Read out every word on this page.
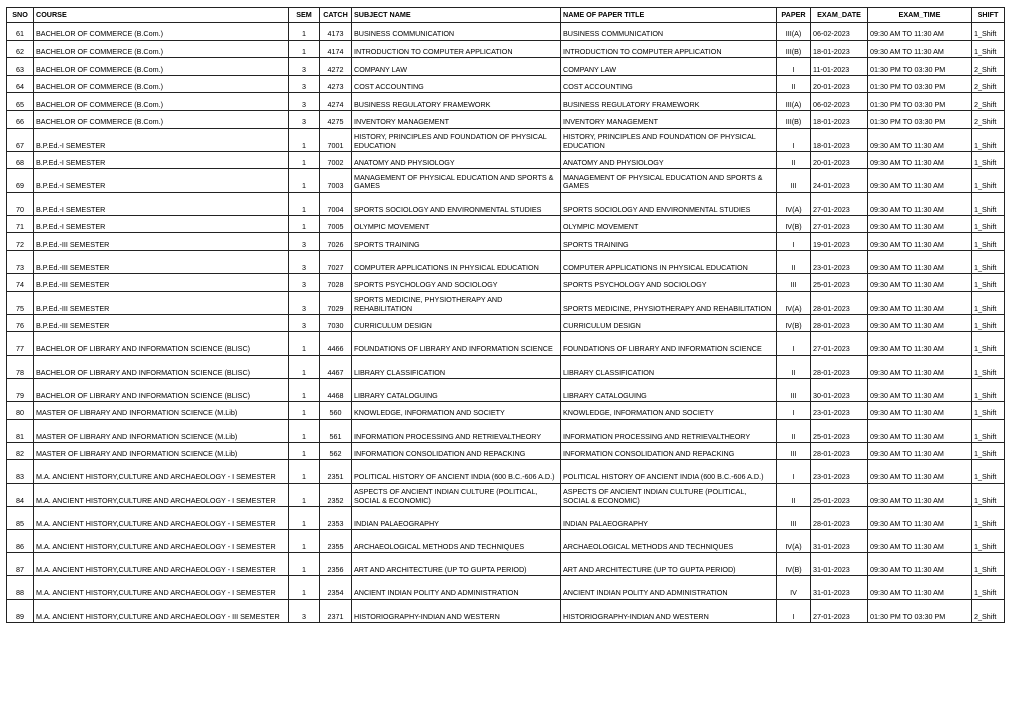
SNO	COURSE	SEM	CATCH	SUBJECT NAME	NAME OF PAPER TITLE	PAPER	EXAM_DATE	EXAM_TIME	SHIFT
61	BACHELOR OF COMMERCE (B.Com.)	1	4173	BUSINESS COMMUNICATION	BUSINESS COMMUNICATION	III(A)	06-02-2023	09:30 AM TO 11:30 AM	1_Shift
62	BACHELOR OF COMMERCE (B.Com.)	1	4174	INTRODUCTION TO COMPUTER APPLICATION	INTRODUCTION TO COMPUTER APPLICATION	III(B)	18-01-2023	09:30 AM TO 11:30 AM	1_Shift
63	BACHELOR OF COMMERCE (B.Com.)	3	4272	COMPANY LAW	COMPANY LAW	I	11-01-2023	01:30 PM TO 03:30 PM	2_Shift
64	BACHELOR OF COMMERCE (B.Com.)	3	4273	COST ACCOUNTING	COST ACCOUNTING	II	20-01-2023	01:30 PM TO 03:30 PM	2_Shift
65	BACHELOR OF COMMERCE (B.Com.)	3	4274	BUSINESS REGULATORY FRAMEWORK	BUSINESS REGULATORY FRAMEWORK	III(A)	06-02-2023	01:30 PM TO 03:30 PM	2_Shift
66	BACHELOR OF COMMERCE (B.Com.)	3	4275	INVENTORY MANAGEMENT	INVENTORY MANAGEMENT	III(B)	18-01-2023	01:30 PM TO 03:30 PM	2_Shift
67	B.P.Ed.-I SEMESTER	1	7001	HISTORY, PRINCIPLES AND FOUNDATION OF PHYSICAL EDUCATION	HISTORY, PRINCIPLES AND FOUNDATION OF PHYSICAL EDUCATION	I	18-01-2023	09:30 AM TO 11:30 AM	1_Shift
68	B.P.Ed.-I SEMESTER	1	7002	ANATOMY AND PHYSIOLOGY	ANATOMY AND PHYSIOLOGY	II	20-01-2023	09:30 AM TO 11:30 AM	1_Shift
69	B.P.Ed.-I SEMESTER	1	7003	MANAGEMENT OF PHYSICAL EDUCATION AND SPORTS & GAMES	MANAGEMENT OF PHYSICAL EDUCATION AND SPORTS & GAMES	III	24-01-2023	09:30 AM TO 11:30 AM	1_Shift
70	B.P.Ed.-I SEMESTER	1	7004	SPORTS SOCIOLOGY AND ENVIRONMENTAL STUDIES	SPORTS SOCIOLOGY AND ENVIRONMENTAL STUDIES	IV(A)	27-01-2023	09:30 AM TO 11:30 AM	1_Shift
71	B.P.Ed.-I SEMESTER	1	7005	OLYMPIC MOVEMENT	OLYMPIC MOVEMENT	IV(B)	27-01-2023	09:30 AM TO 11:30 AM	1_Shift
72	B.P.Ed.-III SEMESTER	3	7026	SPORTS TRAINING	SPORTS TRAINING	I	19-01-2023	09:30 AM TO 11:30 AM	1_Shift
73	B.P.Ed.-III SEMESTER	3	7027	COMPUTER APPLICATIONS IN PHYSICAL EDUCATION	COMPUTER APPLICATIONS IN PHYSICAL EDUCATION	II	23-01-2023	09:30 AM TO 11:30 AM	1_Shift
74	B.P.Ed.-III SEMESTER	3	7028	SPORTS PSYCHOLOGY AND SOCIOLOGY	SPORTS PSYCHOLOGY AND SOCIOLOGY	III	25-01-2023	09:30 AM TO 11:30 AM	1_Shift
75	B.P.Ed.-III SEMESTER	3	7029	SPORTS MEDICINE, PHYSIOTHERAPY AND REHABILITATION	SPORTS MEDICINE, PHYSIOTHERAPY AND REHABILITATION	IV(A)	28-01-2023	09:30 AM TO 11:30 AM	1_Shift
76	B.P.Ed.-III SEMESTER	3	7030	CURRICULUM DESIGN	CURRICULUM DESIGN	IV(B)	28-01-2023	09:30 AM TO 11:30 AM	1_Shift
77	BACHELOR OF LIBRARY AND INFORMATION SCIENCE (BLISC)	1	4466	FOUNDATIONS OF LIBRARY AND INFORMATION SCIENCE	FOUNDATIONS OF LIBRARY AND INFORMATION SCIENCE	I	27-01-2023	09:30 AM TO 11:30 AM	1_Shift
78	BACHELOR OF LIBRARY AND INFORMATION SCIENCE (BLISC)	1	4467	LIBRARY CLASSIFICATION	LIBRARY CLASSIFICATION	II	28-01-2023	09:30 AM TO 11:30 AM	1_Shift
79	BACHELOR OF LIBRARY AND INFORMATION SCIENCE (BLISC)	1	4468	LIBRARY CATALOGUING	LIBRARY CATALOGUING	III	30-01-2023	09:30 AM TO 11:30 AM	1_Shift
80	MASTER OF LIBRARY AND INFORMATION SCIENCE (M.Lib)	1	560	KNOWLEDGE, INFORMATION AND SOCIETY	KNOWLEDGE, INFORMATION AND SOCIETY	I	23-01-2023	09:30 AM TO 11:30 AM	1_Shift
81	MASTER OF LIBRARY AND INFORMATION SCIENCE (M.Lib)	1	561	INFORMATION PROCESSING AND RETRIEVALTHEORY	INFORMATION PROCESSING AND RETRIEVALTHEORY	II	25-01-2023	09:30 AM TO 11:30 AM	1_Shift
82	MASTER OF LIBRARY AND INFORMATION SCIENCE (M.Lib)	1	562	INFORMATION CONSOLIDATION AND REPACKING	INFORMATION CONSOLIDATION AND REPACKING	III	28-01-2023	09:30 AM TO 11:30 AM	1_Shift
83	M.A. ANCIENT HISTORY,CULTURE AND ARCHAEOLOGY - I SEMESTER	1	2351	POLITICAL HISTORY OF ANCIENT INDIA (600 B.C.-606 A.D.)	POLITICAL HISTORY OF ANCIENT INDIA (600 B.C.-606 A.D.)	I	23-01-2023	09:30 AM TO 11:30 AM	1_Shift
84	M.A. ANCIENT HISTORY,CULTURE AND ARCHAEOLOGY - I SEMESTER	1	2352	ASPECTS OF ANCIENT INDIAN CULTURE (POLITICAL, SOCIAL & ECONOMIC)	ASPECTS OF ANCIENT INDIAN CULTURE (POLITICAL, SOCIAL & ECONOMIC)	II	25-01-2023	09:30 AM TO 11:30 AM	1_Shift
85	M.A. ANCIENT HISTORY,CULTURE AND ARCHAEOLOGY - I SEMESTER	1	2353	INDIAN PALAEOGRAPHY	INDIAN PALAEOGRAPHY	III	28-01-2023	09:30 AM TO 11:30 AM	1_Shift
86	M.A. ANCIENT HISTORY,CULTURE AND ARCHAEOLOGY - I SEMESTER	1	2355	ARCHAEOLOGICAL METHODS AND TECHNIQUES	ARCHAEOLOGICAL METHODS AND TECHNIQUES	IV(A)	31-01-2023	09:30 AM TO 11:30 AM	1_Shift
87	M.A. ANCIENT HISTORY,CULTURE AND ARCHAEOLOGY - I SEMESTER	1	2356	ART AND ARCHITECTURE (UP TO GUPTA PERIOD)	ART AND ARCHITECTURE (UP TO GUPTA PERIOD)	IV(B)	31-01-2023	09:30 AM TO 11:30 AM	1_Shift
88	M.A. ANCIENT HISTORY,CULTURE AND ARCHAEOLOGY - I SEMESTER	1	2354	ANCIENT INDIAN POLITY AND ADMINISTRATION	ANCIENT INDIAN POLITY AND ADMINISTRATION	IV	31-01-2023	09:30 AM TO 11:30 AM	1_Shift
89	M.A. ANCIENT HISTORY,CULTURE AND ARCHAEOLOGY - III SEMESTER	3	2371	HISTORIOGRAPHY-INDIAN AND WESTERN	HISTORIOGRAPHY-INDIAN AND WESTERN	I	27-01-2023	01:30 PM TO 03:30 PM	2_Shift
